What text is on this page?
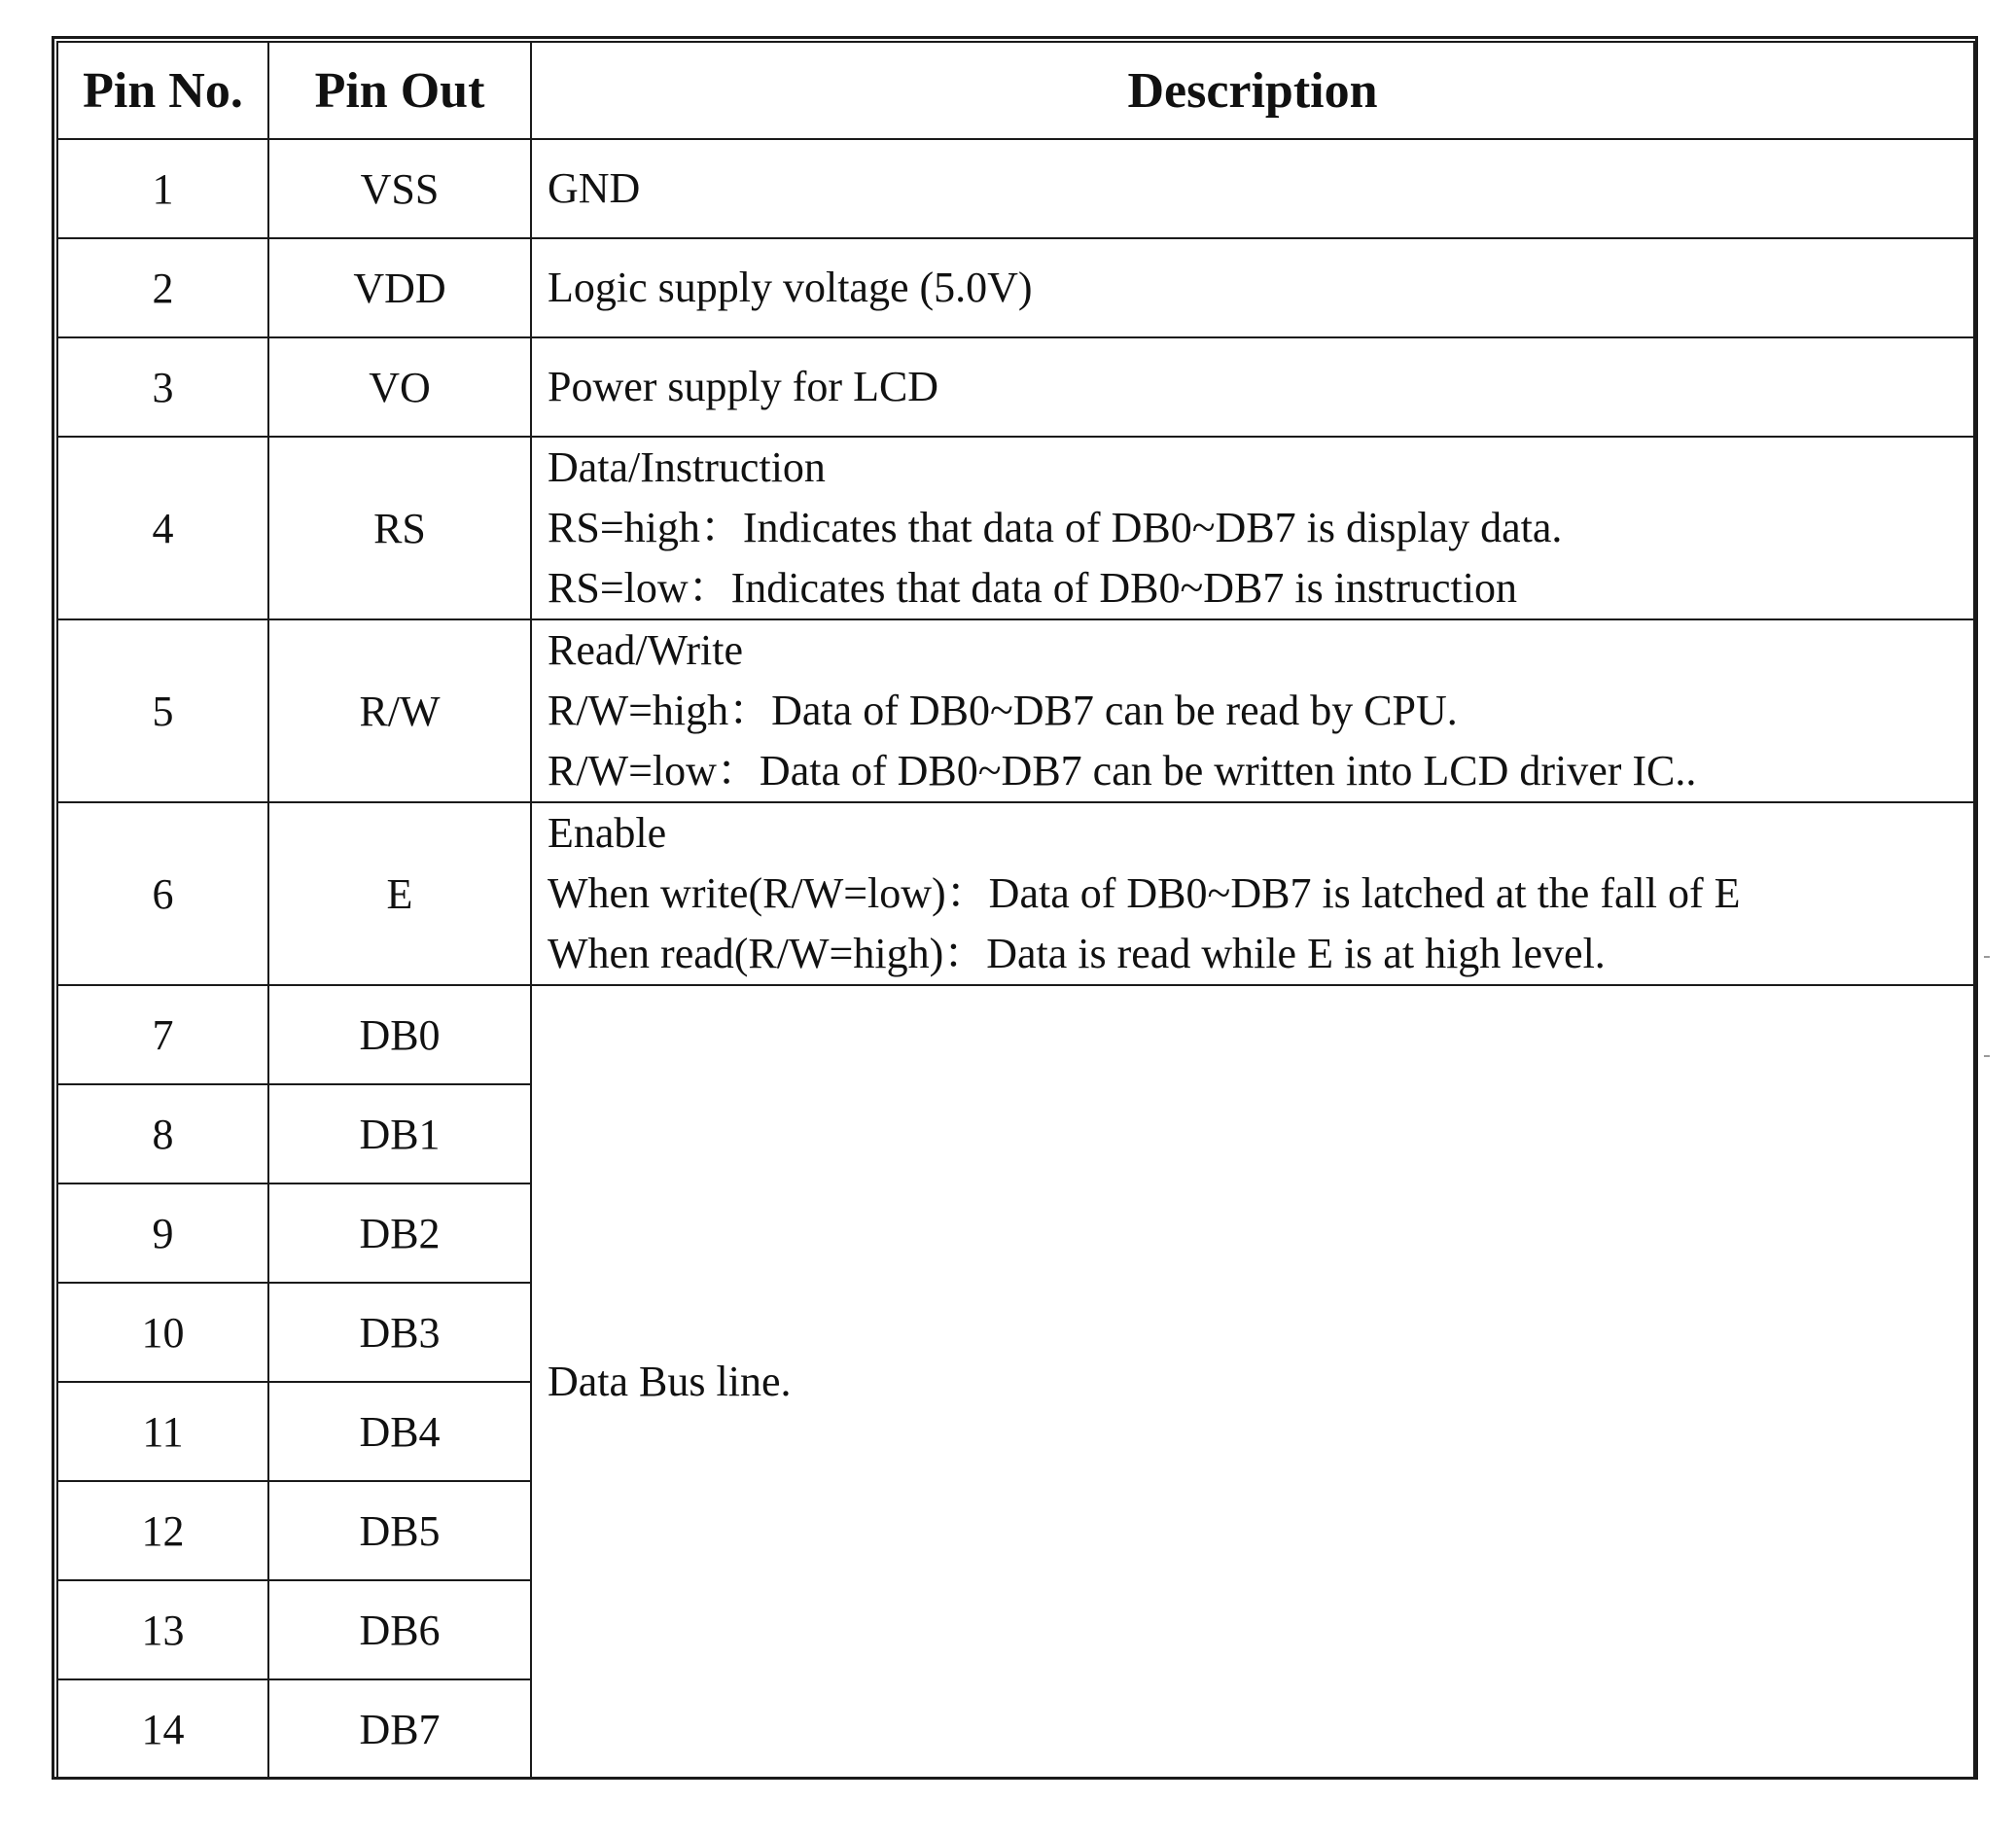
Pin No.	Pin Out	Description
1	VSS	GND

2	VDD	Logic supply voltage (5.0V)

3	VO	Power supply for LCD

4	RS	Data/Instruction
RS=high：Indicates that data of DB0~DB7 is display data.
RS=low：Indicates that data of DB0~DB7 is instruction

5	R/W	Read/Write
R/W=high：Data of DB0~DB7 can be read by CPU.
R/W=low：Data of DB0~DB7 can be written into LCD driver IC..

6	E	Enable
When write(R/W=low)：Data of DB0~DB7 is latched at the fall of E
When read(R/W=high)：Data is read while E is at high level.

7	DB0	Data Bus line.
8	DB1	
9	DB2	
10	DB3	
11	DB4	
12	DB5	
13	DB6	
14	DB7	
